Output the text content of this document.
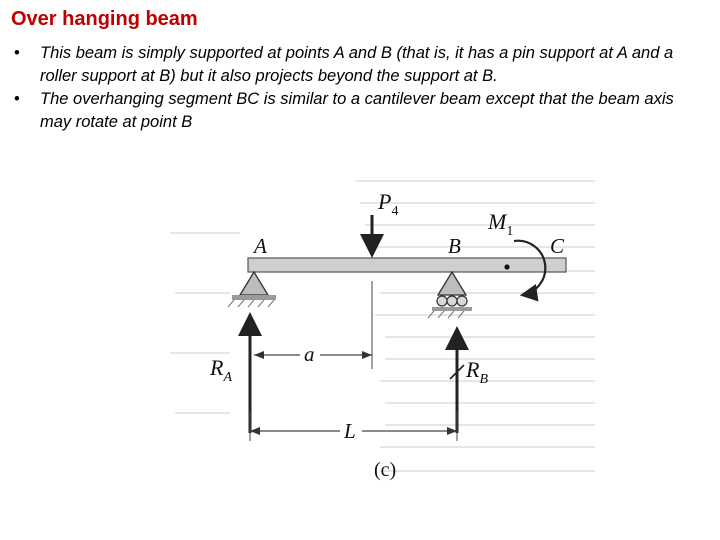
Over hanging beam
• This beam is simply supported at points A and B (that is, it has a pin support at A and a roller support at B) but it also projects beyond the support at B.
• The overhanging segment BC is similar to a cantilever beam except that the beam axis may rotate at point B
$P_4$	$M_1$
A	B	C
$R_A$	$R_B$
a
L
(c)
